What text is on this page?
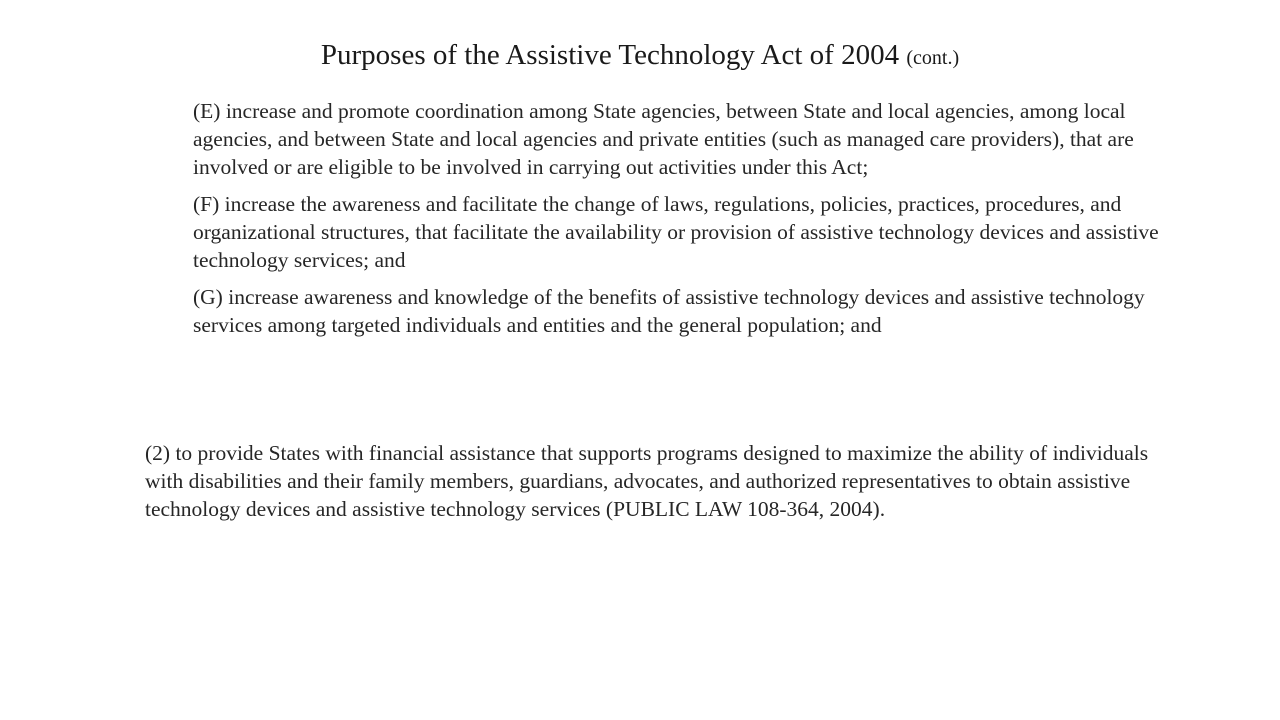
Purposes of the Assistive Technology Act of 2004 (cont.)

(E) increase and promote coordination among State agencies, between State and local agencies, among local agencies, and between State and local agencies and private entities (such as managed care providers), that are involved or are eligible to be involved in carrying out activities under this Act;

(F) increase the awareness and facilitate the change of laws, regulations, policies, practices, procedures, and organizational structures, that facilitate the availability or provision of assistive technology devices and assistive technology services; and

(G) increase awareness and knowledge of the benefits of assistive technology devices and assistive technology services among targeted individuals and entities and the general population; and

(2) to provide States with financial assistance that supports programs designed to maximize the ability of individuals with disabilities and their family members, guardians, advocates, and authorized representatives to obtain assistive technology devices and assistive technology services (PUBLIC LAW 108-364, 2004).
